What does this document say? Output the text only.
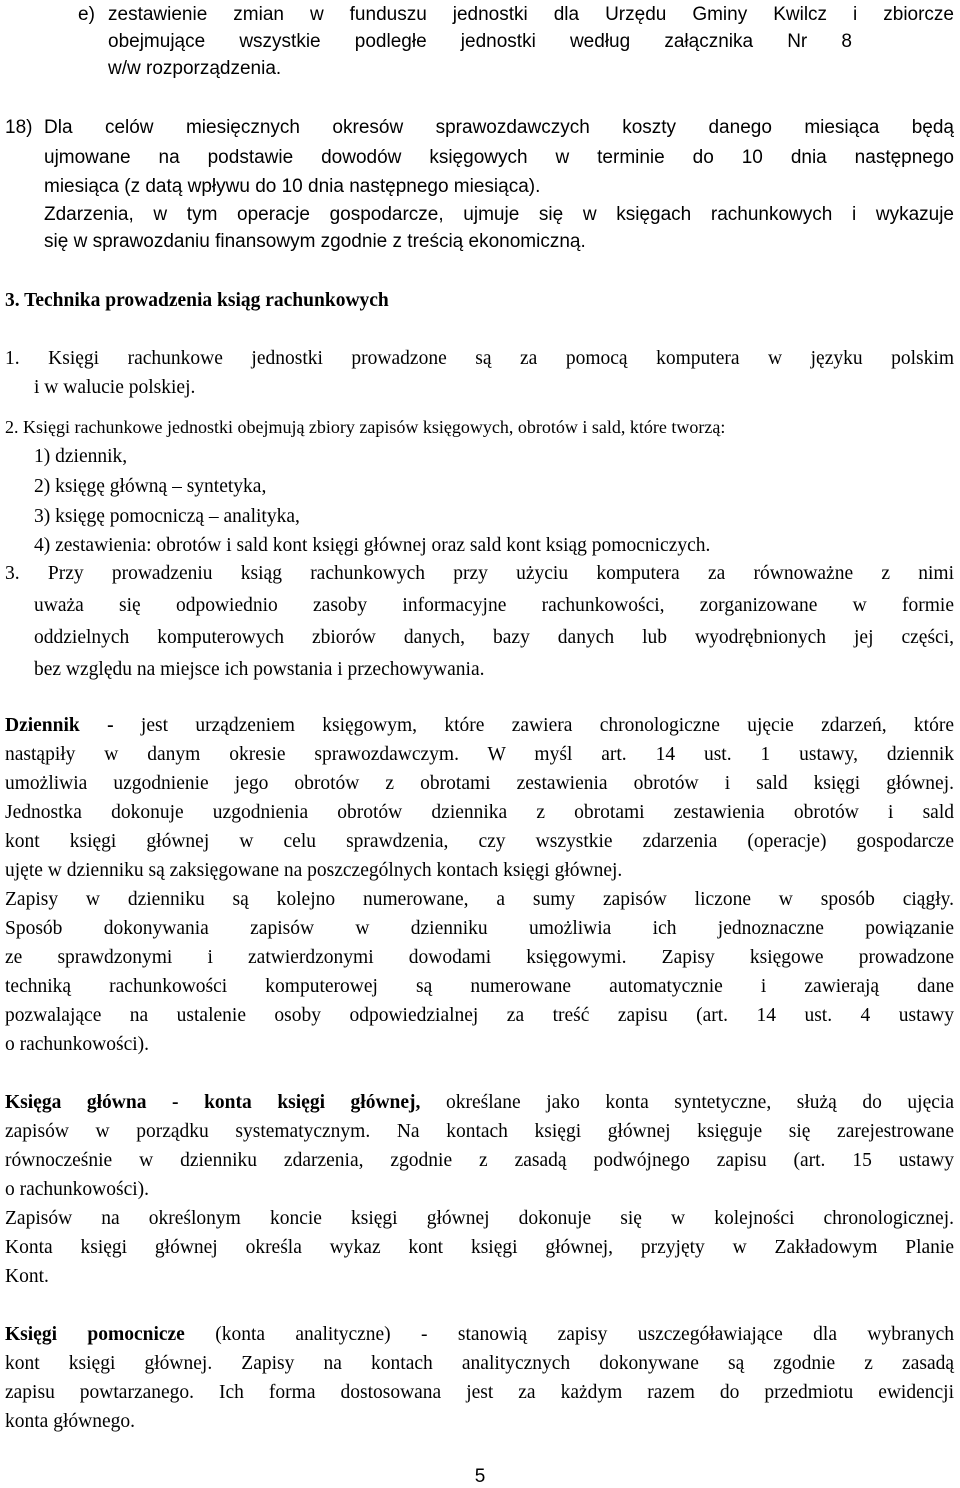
e) zestawienie zmian w funduszu jednostki dla Urzędu Gminy Kwilcz i zbiorcze
obejmujące wszystkie podległe jednostki według załącznika Nr 8
w/w rozporządzenia.
18) Dla celów miesięcznych okresów sprawozdawczych koszty danego miesiąca będą
ujmowane na podstawie dowodów księgowych w terminie do 10 dnia następnego
miesiąca (z datą wpływu do 10 dnia następnego miesiąca).
Zdarzenia, w tym operacje gospodarcze, ujmuje się w księgach rachunkowych i wykazuje
się w sprawozdaniu finansowym zgodnie z treścią ekonomiczną.
3. Technika prowadzenia ksiąg rachunkowych
1. Księgi rachunkowe jednostki prowadzone są za pomocą komputera w języku polskim
i w walucie polskiej.
2. Księgi rachunkowe jednostki obejmują zbiory zapisów księgowych, obrotów i sald, które tworzą:
1) dziennik,
2) księgę główną – syntetyka,
3) księgę pomocniczą – analityka,
4) zestawienia: obrotów i sald kont księgi głównej oraz sald kont ksiąg pomocniczych.
3. Przy prowadzeniu ksiąg rachunkowych przy użyciu komputera za równoważne z nimi
uważa się odpowiednio zasoby informacyjne rachunkowości, zorganizowane w formie
oddzielnych komputerowych zbiorów danych, bazy danych lub wyodrębnionych jej części,
bez względu na miejsce ich powstania i przechowywania.
Dziennik - jest urządzeniem księgowym, które zawiera chronologiczne ujęcie zdarzeń, które
nastąpiły w danym okresie sprawozdawczym. W myśl art. 14 ust. 1 ustawy, dziennik
umożliwia uzgodnienie jego obrotów z obrotami zestawienia obrotów i sald księgi głównej.
Jednostka dokonuje uzgodnienia obrotów dziennika z obrotami zestawienia obrotów i sald
kont księgi głównej w celu sprawdzenia, czy wszystkie zdarzenia (operacje) gospodarcze
ujęte w dzienniku są zaksięgowane na poszczególnych kontach księgi głównej.
Zapisy w dzienniku są kolejno numerowane, a sumy zapisów liczone w sposób ciągły.
Sposób dokonywania zapisów w dzienniku umożliwia ich jednoznaczne powiązanie
ze sprawdzonymi i zatwierdzonymi dowodami księgowymi. Zapisy księgowe prowadzone
techniką rachunkowości komputerowej są numerowane automatycznie i zawierają dane
pozwalające na ustalenie osoby odpowiedzialnej za treść zapisu (art. 14 ust. 4 ustawy
o rachunkowości).
Księga główna - konta księgi głównej, określane jako konta syntetyczne, służą do ujęcia
zapisów w porządku systematycznym. Na kontach księgi głównej księguje się zarejestrowane
równocześnie w dzienniku zdarzenia, zgodnie z zasadą podwójnego zapisu (art. 15 ustawy
o rachunkowości).
Zapisów na określonym koncie księgi głównej dokonuje się w kolejności chronologicznej.
Konta księgi głównej określa wykaz kont księgi głównej, przyjęty w Zakładowym Planie
Kont.
Księgi pomocnicze (konta analityczne) - stanowią zapisy uszczegóławiające dla wybranych
kont księgi głównej. Zapisy na kontach analitycznych dokonywane są zgodnie z zasadą
zapisu powtarzanego. Ich forma dostosowana jest za każdym razem do przedmiotu ewidencji
konta głównego.
5
